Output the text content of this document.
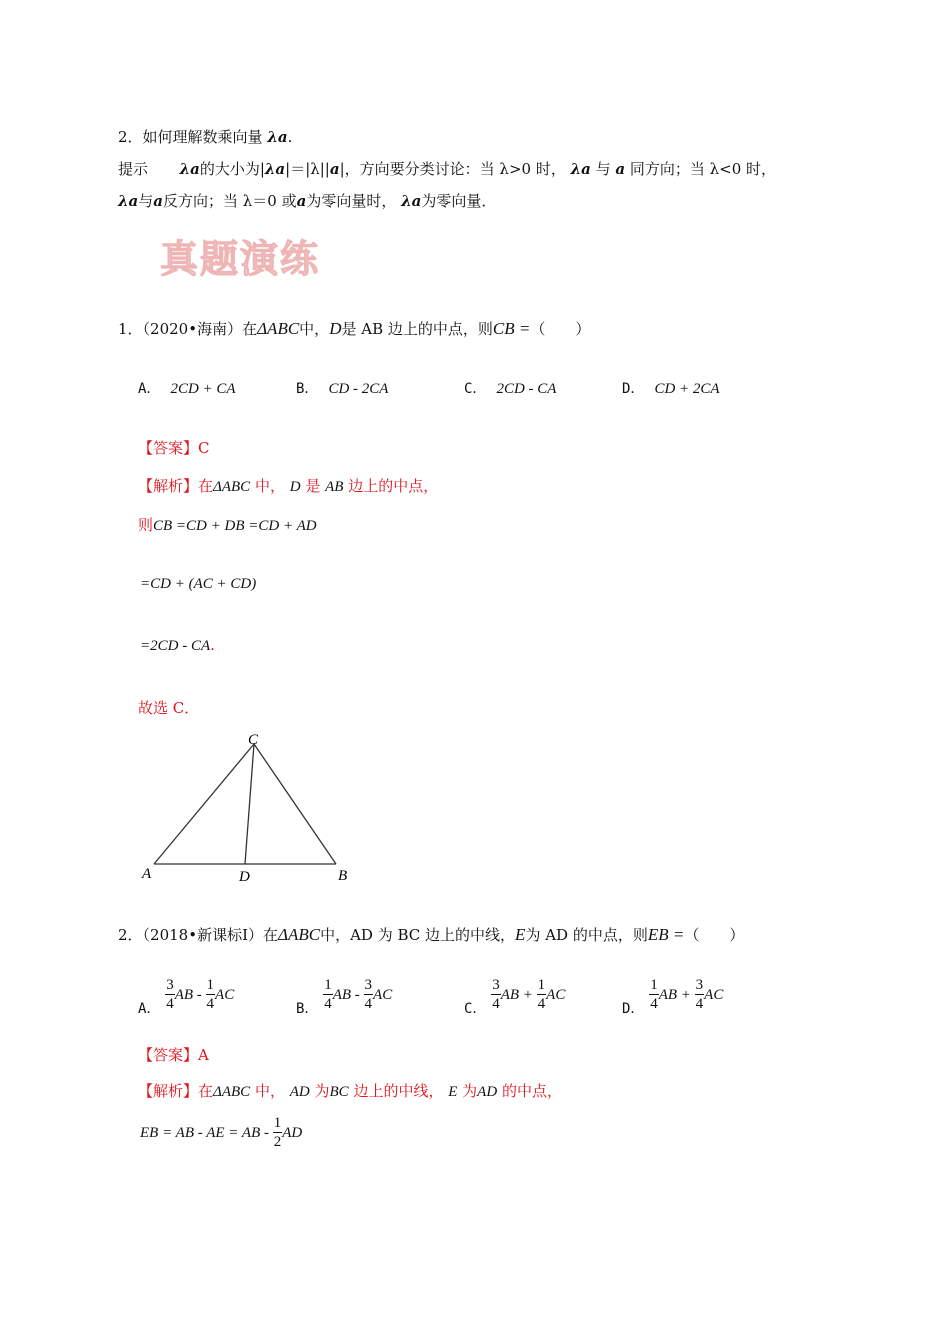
2．如何理解数乘向量 λa.
提示 λa的大小为|λa|＝|λ||a|，方向要分类讨论：当 λ>0 时， λa 与 a 同方向；当 λ<0 时，
λa与a反方向；当 λ＝0 或a为零向量时， λa为零向量．
真题演练
1．（2020•海南）在ΔABC中，D是 AB 边上的中点，则CB =（　　）
A． 2CD + CA	B． CD - 2CA	C． 2CD - CA	D． CD + 2CA
【答案】C
【解析】在ΔABC 中， D 是 AB 边上的中点，
则CB =CD + DB =CD + AD
=CD + (AC + CD)
=2CD - CA.
故选 C．
A	B
C
D
2．（2018•新课标Ⅰ）在ΔABC中，AD 为 BC 边上的中线，E为 AD 的中点，则EB =（　　）
A． $\frac{3}{4}$ AB - $\frac{1}{4}$ AC
B． $\frac{1}{4}$ AB - $\frac{3}{4}$ AC
C． $\frac{3}{4}$ AB + $\frac{1}{4}$ AC
D． $\frac{1}{4}$ AB + $\frac{3}{4}$ AC
【答案】A
【解析】在ΔABC 中， AD 为BC 边上的中线， E 为AD 的中点，
EB = AB - AE = AB - $\frac{1}{2}$ AD
